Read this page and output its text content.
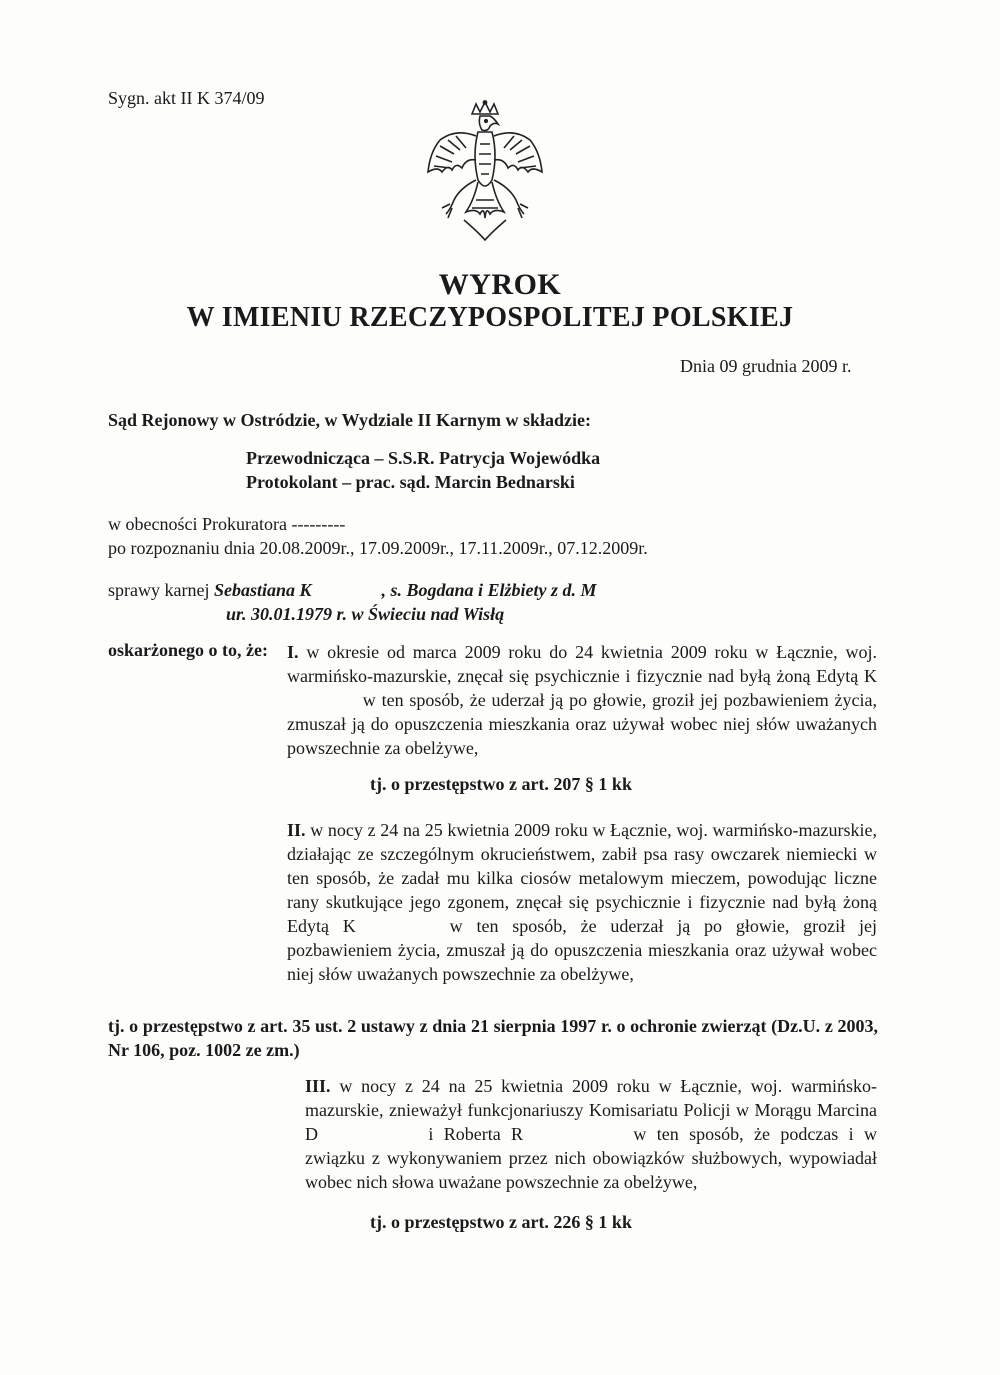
Sygn. akt II K 374/09
WYROK
W IMIENIU RZECZYPOSPOLITEJ POLSKIEJ
Dnia 09 grudnia 2009 r.
Sąd Rejonowy w Ostródzie, w Wydziale II Karnym w składzie:
Przewodnicząca – S.S.R. Patrycja Wojewódka
Protokolant – prac. sąd. Marcin Bednarski
w obecności Prokuratora ---------
po rozpoznaniu dnia 20.08.2009r., 17.09.2009r., 17.11.2009r., 07.12.2009r.
sprawy karnej Sebastiana K	, s. Bogdana i Elżbiety z d. M
ur. 30.01.1979 r. w Świeciu nad Wisłą
oskarżonego o to, że: I. w okresie od marca 2009 roku do 24 kwietnia 2009 roku w Łącznie, woj. warmińsko-mazurskie, znęcał się psychicznie i fizycznie nad byłą żoną Edytą K w ten sposób, że uderzał ją po głowie, groził jej pozbawieniem życia, zmuszał ją do opuszczenia mieszkania oraz używał wobec niej słów uważanych powszechnie za obelżywe,
tj. o przestępstwo z art. 207 § 1 kk
II. w nocy z 24 na 25 kwietnia 2009 roku w Łącznie, woj. warmińsko-mazurskie, działając ze szczególnym okrucieństwem, zabił psa rasy owczarek niemiecki w ten sposób, że zadał mu kilka ciosów metalowym mieczem, powodując liczne rany skutkujące jego zgonem, znęcał się psychicznie i fizycznie nad byłą żoną Edytą K	w ten sposób, że uderzał ją po głowie, groził jej pozbawieniem życia, zmuszał ją do opuszczenia mieszkania oraz używał wobec niej słów uważanych powszechnie za obelżywe,
tj. o przestępstwo z art. 35 ust. 2 ustawy z dnia 21 sierpnia 1997 r. o ochronie zwierząt (Dz.U. z 2003, Nr 106, poz. 1002 ze zm.)
III. w nocy z 24 na 25 kwietnia 2009 roku w Łącznie, woj. warmińsko-mazurskie, znieważył funkcjonariuszy Komisariatu Policji w Morągu Marcina D	i Roberta R	w ten sposób, że podczas i w związku z wykonywaniem przez nich obowiązków służbowych, wypowiadał wobec nich słowa uważane powszechnie za obelżywe,
tj. o przestępstwo z art. 226 § 1 kk
